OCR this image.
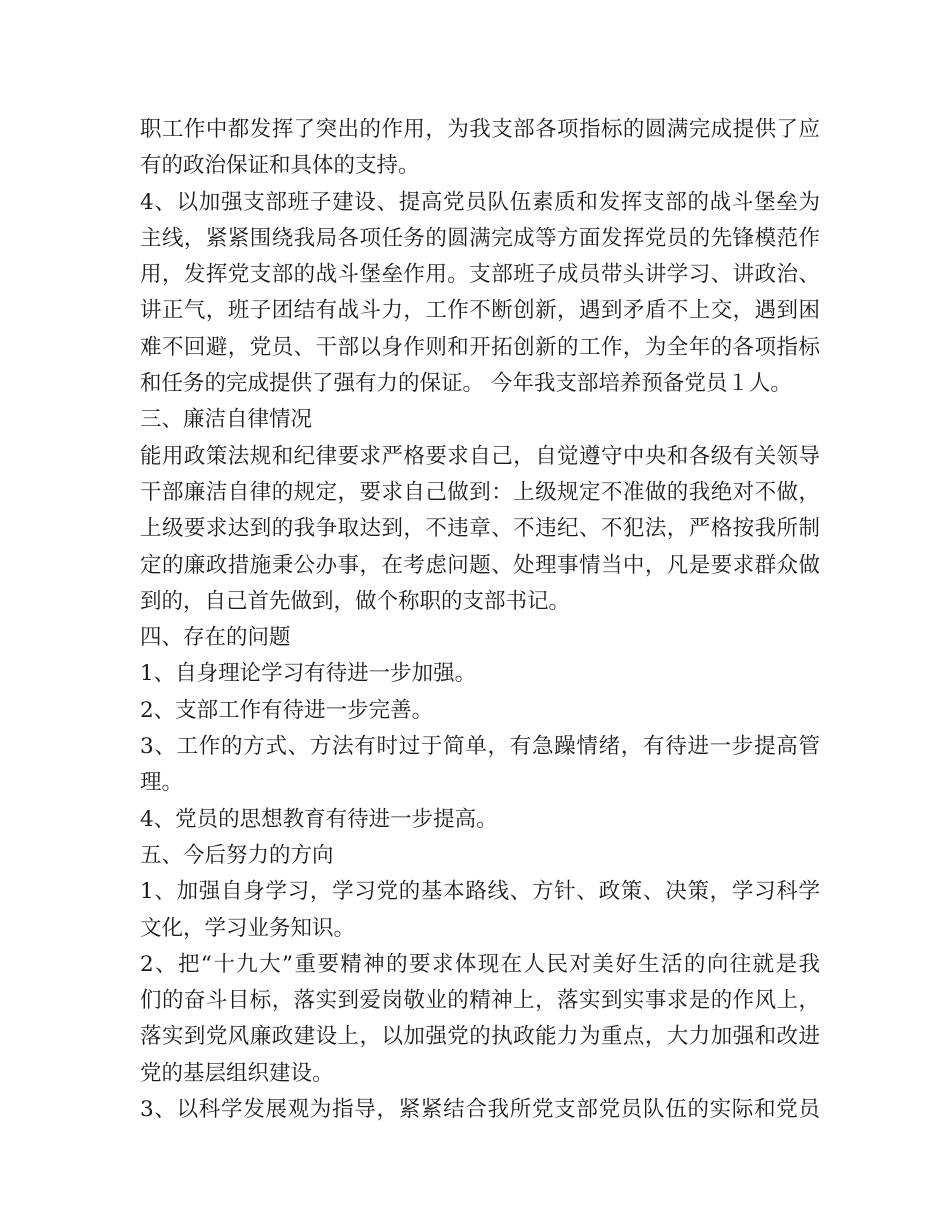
职工作中都发挥了突出的作用，为我支部各项指标的圆满完成提供了应
有的政治保证和具体的支持。
4、以加强支部班子建设、提高党员队伍素质和发挥支部的战斗堡垒为
主线，紧紧围绕我局各项任务的圆满完成等方面发挥党员的先锋模范作
用，发挥党支部的战斗堡垒作用。支部班子成员带头讲学习、讲政治、
讲正气，班子团结有战斗力，工作不断创新，遇到矛盾不上交，遇到困
难不回避，党员、干部以身作则和开拓创新的工作，为全年的各项指标
和任务的完成提供了强有力的保证。 今年我支部培养预备党员１人。
三、廉洁自律情况
能用政策法规和纪律要求严格要求自己，自觉遵守中央和各级有关领导
干部廉洁自律的规定，要求自己做到：上级规定不准做的我绝对不做，
上级要求达到的我争取达到，不违章、不违纪、不犯法，严格按我所制
定的廉政措施秉公办事，在考虑问题、处理事情当中，凡是要求群众做
到的，自己首先做到，做个称职的支部书记。
四、存在的问题
1、自身理论学习有待进一步加强。
2、支部工作有待进一步完善。
3、工作的方式、方法有时过于简单，有急躁情绪，有待进一步提高管
理。
4、党员的思想教育有待进一步提高。
五、今后努力的方向
1、加强自身学习，学习党的基本路线、方针、政策、决策，学习科学
文化，学习业务知识。
2、把“十九大”重要精神的要求体现在人民对美好生活的向往就是我
们的奋斗目标，落实到爱岗敬业的精神上，落实到实事求是的作风上，
落实到党风廉政建设上，以加强党的执政能力为重点，大力加强和改进
党的基层组织建设。
3、以科学发展观为指导，紧紧结合我所党支部党员队伍的实际和党员
